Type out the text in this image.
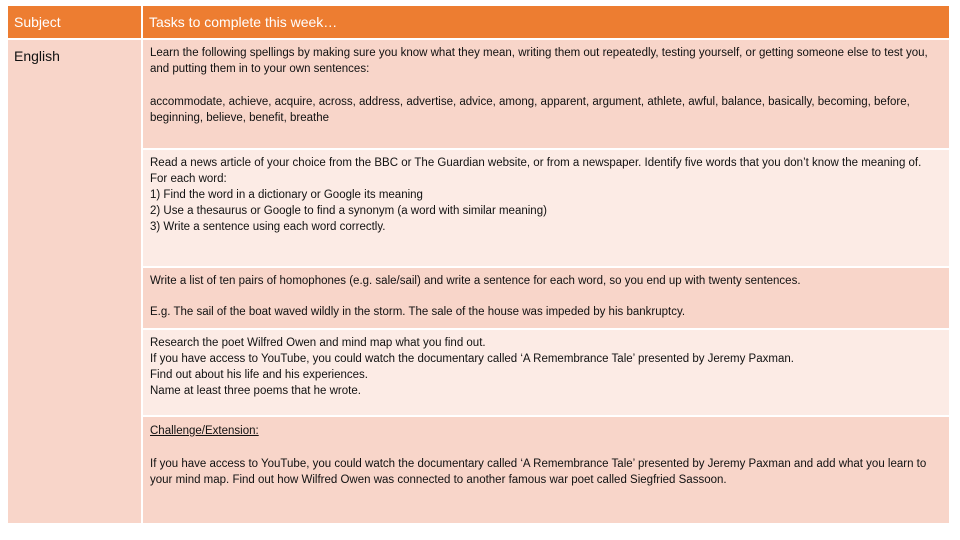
Subject	Tasks to complete this week…
English	Learn the following spellings by making sure you know what they mean, writing them out repeatedly, testing yourself, or getting someone else to test you, and putting them in to your own sentences:

accommodate, achieve, acquire, across, address, advertise, advice, among, apparent, argument, athlete, awful, balance, basically, becoming, before, beginning, believe, benefit, breathe

Read a news article of your choice from the BBC or The Guardian website, or from a newspaper. Identify five words that you don’t know the meaning of.

For each word:

1) Find the word in a dictionary or Google its meaning
2) Use a thesaurus or Google to find a synonym (a word with similar meaning)
3) Write a sentence using each word correctly.

Write a list of ten pairs of homophones (e.g. sale/sail) and write a sentence for each word, so you end up with twenty sentences.

E.g. The sail of the boat waved wildly in the storm. The sale of the house was impeded by his bankruptcy.

Research the poet Wilfred Owen and mind map what you find out.

If you have access to YouTube, you could watch the documentary called ‘A Remembrance Tale’ presented by Jeremy Paxman.

Find out about his life and his experiences.

Name at least three poems that he wrote.

Challenge/Extension:

If you have access to YouTube, you could watch the documentary called ‘A Remembrance Tale’ presented by Jeremy Paxman and add what you learn to your mind map. Find out how Wilfred Owen was connected to another famous war poet called Siegfried Sassoon.
